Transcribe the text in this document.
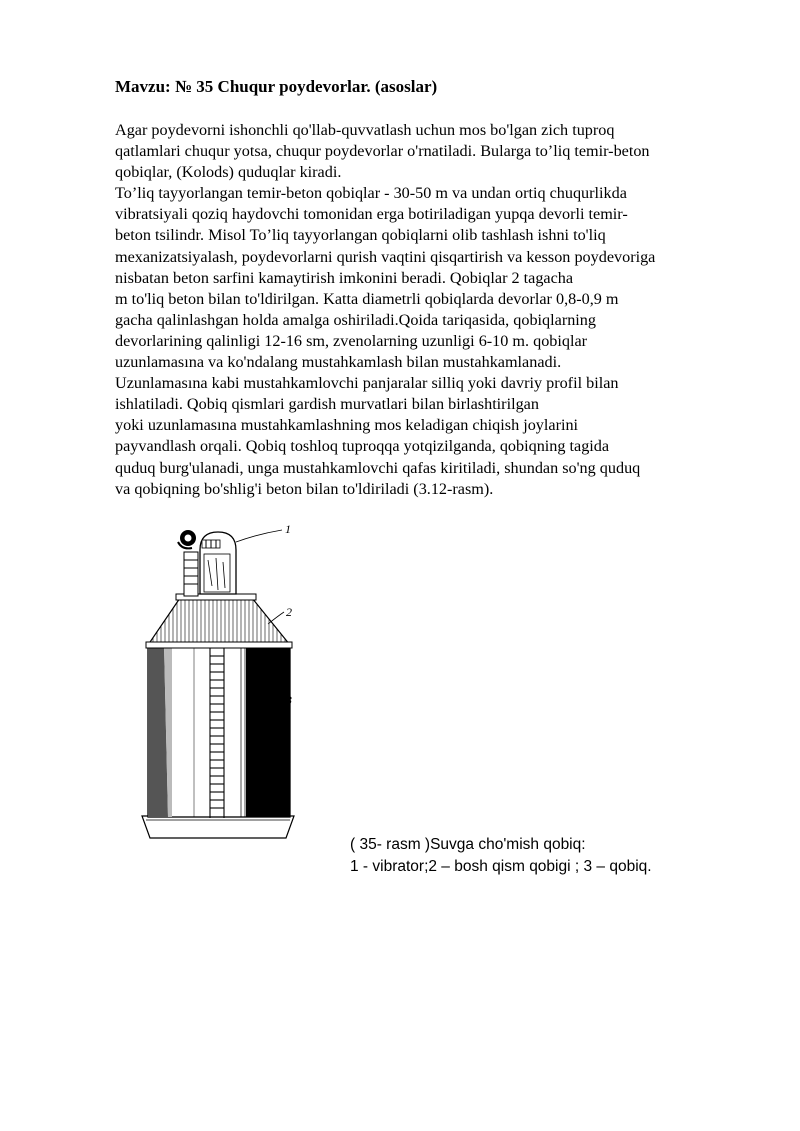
Mavzu: № 35 Chuqur poydevorlar. (asoslar)
Agar poydevorni ishonchli qo'llab-quvvatlash uchun mos bo'lgan zich tuproq
qatlamlari chuqur yotsa, chuqur poydevorlar o'rnatiladi. Bularga to’liq temir-beton
qobiqlar, (Kolods) quduqlar kiradi.
To’liq tayyorlangan temir-beton qobiqlar - 30-50 m va undan ortiq chuqurlikda
vibratsiyali qoziq haydovchi tomonidan erga botiriladigan yupqa devorli temir-
beton tsilindr. Misol To’liq tayyorlangan qobiqlarni olib tashlash ishni to'liq
mexanizatsiyalash, poydevorlarni qurish vaqtini qisqartirish va kesson poydevoriga
nisbatan beton sarfini kamaytirish imkonini beradi. Qobiqlar 2 tagacha
m to'liq beton bilan to'ldirilgan. Katta diametrli qobiqlarda devorlar 0,8-0,9 m
gacha qalinlashgan holda amalga oshiriladi.Qoida tariqasida, qobiqlarning
devorlarining qalinligi 12-16 sm, zvenolarning uzunligi 6-10 m. qobiqlar
uzunlamasına va ko'ndalang mustahkamlash bilan mustahkamlanadi.
Uzunlamasına kabi mustahkamlovchi panjaralar silliq yoki davriy profil bilan
ishlatiladi. Qobiq qismlari gardish murvatlari bilan birlashtirilgan
yoki uzunlamasına mustahkamlashning mos keladigan chiqish joylarini
payvandlash orqali. Qobiq toshloq tuproqqa yotqizilganda, qobiqning tagida
quduq burg'ulanadi, unga mustahkamlovchi qafas kiritiladi, shundan so'ng quduq
va qobiqning bo'shlig'i beton bilan to'ldiriladi (3.12-rasm).
1
2
3
( 35- rasm )Suvga cho'mish qobiq:
1 - vibrator;2 – bosh qism qobigi ; 3 – qobiq.
